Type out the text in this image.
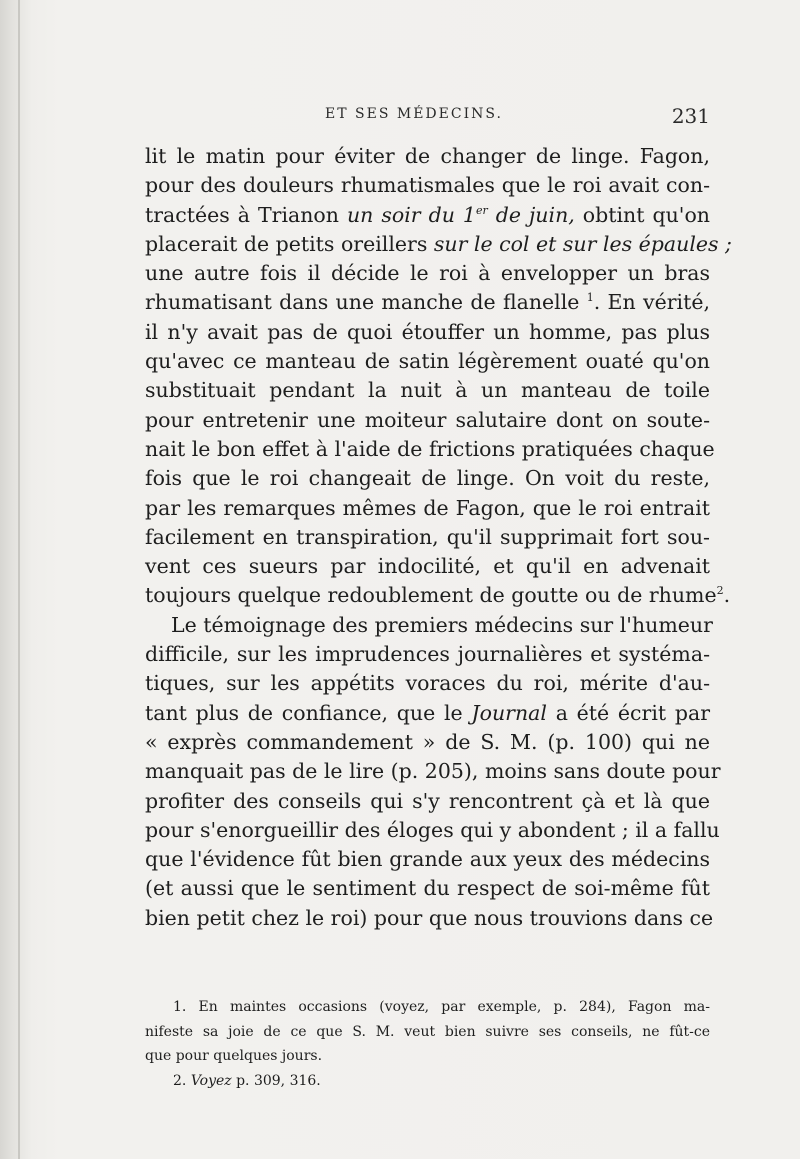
ET SES MÉDECINS.	231
lit le matin pour éviter de changer de linge. Fagon,
pour des douleurs rhumatismales que le roi avait con-
tractées à Trianon un soir du 1er de juin, obtint qu'on
placerait de petits oreillers sur le col et sur les épaules ;
une autre fois il décide le roi à envelopper un bras
rhumatisant dans une manche de flanelle $^1$. En vérité,
il n'y avait pas de quoi étouffer un homme, pas plus
qu'avec ce manteau de satin légèrement ouaté qu'on
substituait pendant la nuit à un manteau de toile
pour entretenir une moiteur salutaire dont on soute-
nait le bon effet à l'aide de frictions pratiquées chaque
fois que le roi changeait de linge. On voit du reste,
par les remarques mêmes de Fagon, que le roi entrait
facilement en transpiration, qu'il supprimait fort sou-
vent ces sueurs par indocilité, et qu'il en advenait
toujours quelque redoublement de goutte ou de rhume$^2$.
Le témoignage des premiers médecins sur l'humeur
difficile, sur les imprudences journalières et systéma-
tiques, sur les appétits voraces du roi, mérite d'au-
tant plus de confiance, que le Journal a été écrit par
« exprès commandement » de S. M. (p. 100) qui ne
manquait pas de le lire (p. 205), moins sans doute pour
profiter des conseils qui s'y rencontrent çà et là que
pour s'enorgueillir des éloges qui y abondent ; il a fallu
que l'évidence fût bien grande aux yeux des médecins
(et aussi que le sentiment du respect de soi-même fût
bien petit chez le roi) pour que nous trouvions dans ce
1. En maintes occasions (voyez, par exemple, p. 284), Fagon ma-
nifeste sa joie de ce que S. M. veut bien suivre ses conseils, ne fût-ce
que pour quelques jours.
2. Voyez p. 309, 316.
